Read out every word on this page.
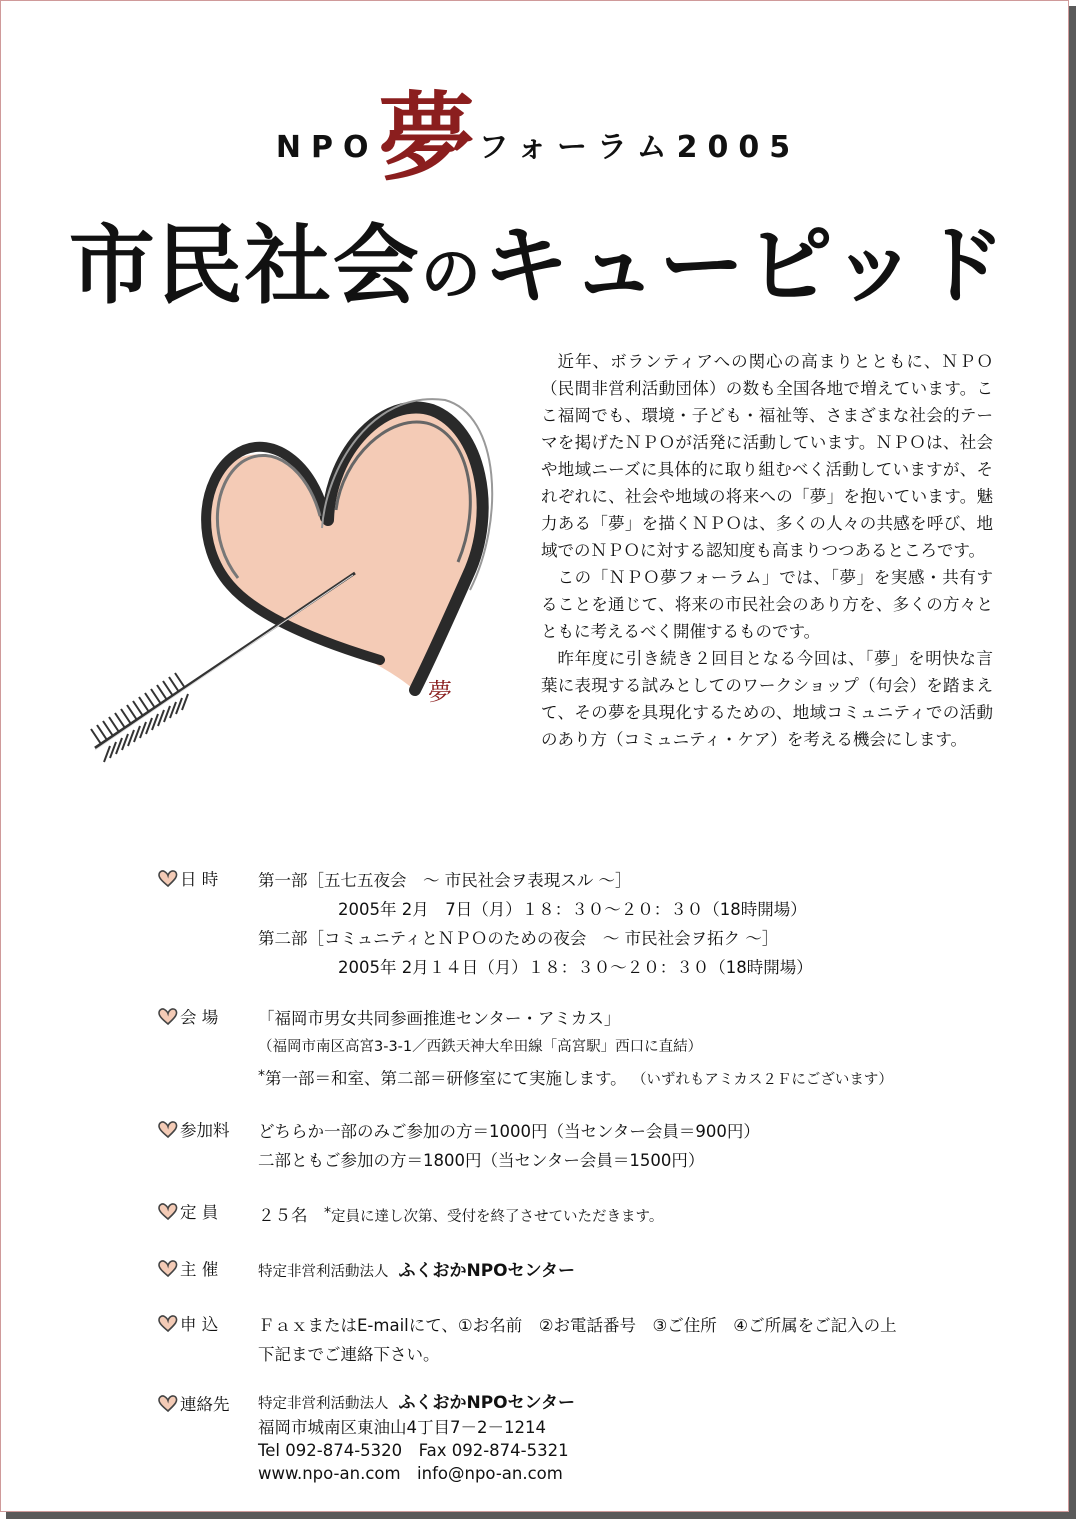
NPO夢 フォーラム2005
市民社会のキューピッド
夢

近年、ボランティアへの関心の高まりとともに、ＮＰＯ（民間非営利活動団体）の数も全国各地で増えています。ここ福岡でも、環境・子ども・福祉等、さまざまな社会的テーマを掲げたＮＰＯが活発に活動しています。ＮＰＯは、社会や地域ニーズに具体的に取り組むべく活動していますが、それぞれに、社会や地域の将来への「夢」を抱いています。魅力ある「夢」を描くＮＰＯは、多くの人々の共感を呼び、地域でのＮＰＯに対する認知度も高まりつつあるところです。

この「ＮＰＯ夢フォーラム」では、「夢」を実感・共有することを通じて、将来の市民社会のあり方を、多くの方々とともに考えるべく開催するものです。

昨年度に引き続き２回目となる今回は、「夢」を明快な言葉に表現する試みとしてのワークショップ（句会）を踏まえて、その夢を具現化するための、地域コミュニティでの活動のあり方（コミュニティ・ケア）を考える機会にします。

日 時	第一部［五七五夜会　～ 市民社会ヲ表現スル ～］
2005年 2月　7日（月）１８：３０～２０：３０（18時開場）
第二部［コミュニティとＮＰＯのための夜会　～ 市民社会ヲ拓ク ～］
2005年 2月１４日（月）１８：３０～２０：３０（18時開場）
会 場	「福岡市男女共同参画推進センター・アミカス」
（福岡市南区高宮3-3-1／西鉄天神大牟田線「高宮駅」西口に直結）
*第一部＝和室、第二部＝研修室にて実施します。 （いずれもアミカス２Ｆにございます）
参加料	どちらか一部のみご参加の方＝1000円（当センター会員＝900円）
二部ともご参加の方＝1800円（当センター会員＝1500円）
定 員	２５名　 *定員に達し次第、受付を終了させていただきます。
主 催	特定非営利活動法人 ふくおかNPOセンター
申 込	ＦａｘまたはE-mailにて、①お名前　②お電話番号　③ご住所　④ご所属をご記入の上
下記までご連絡下さい。
連絡先	特定非営利活動法人 ふくおかNPOセンター
福岡市城南区東油山4丁目7－2－1214
Tel 092-874-5320　Fax 092-874-5321
www.npo-an.com　info@npo-an.com
